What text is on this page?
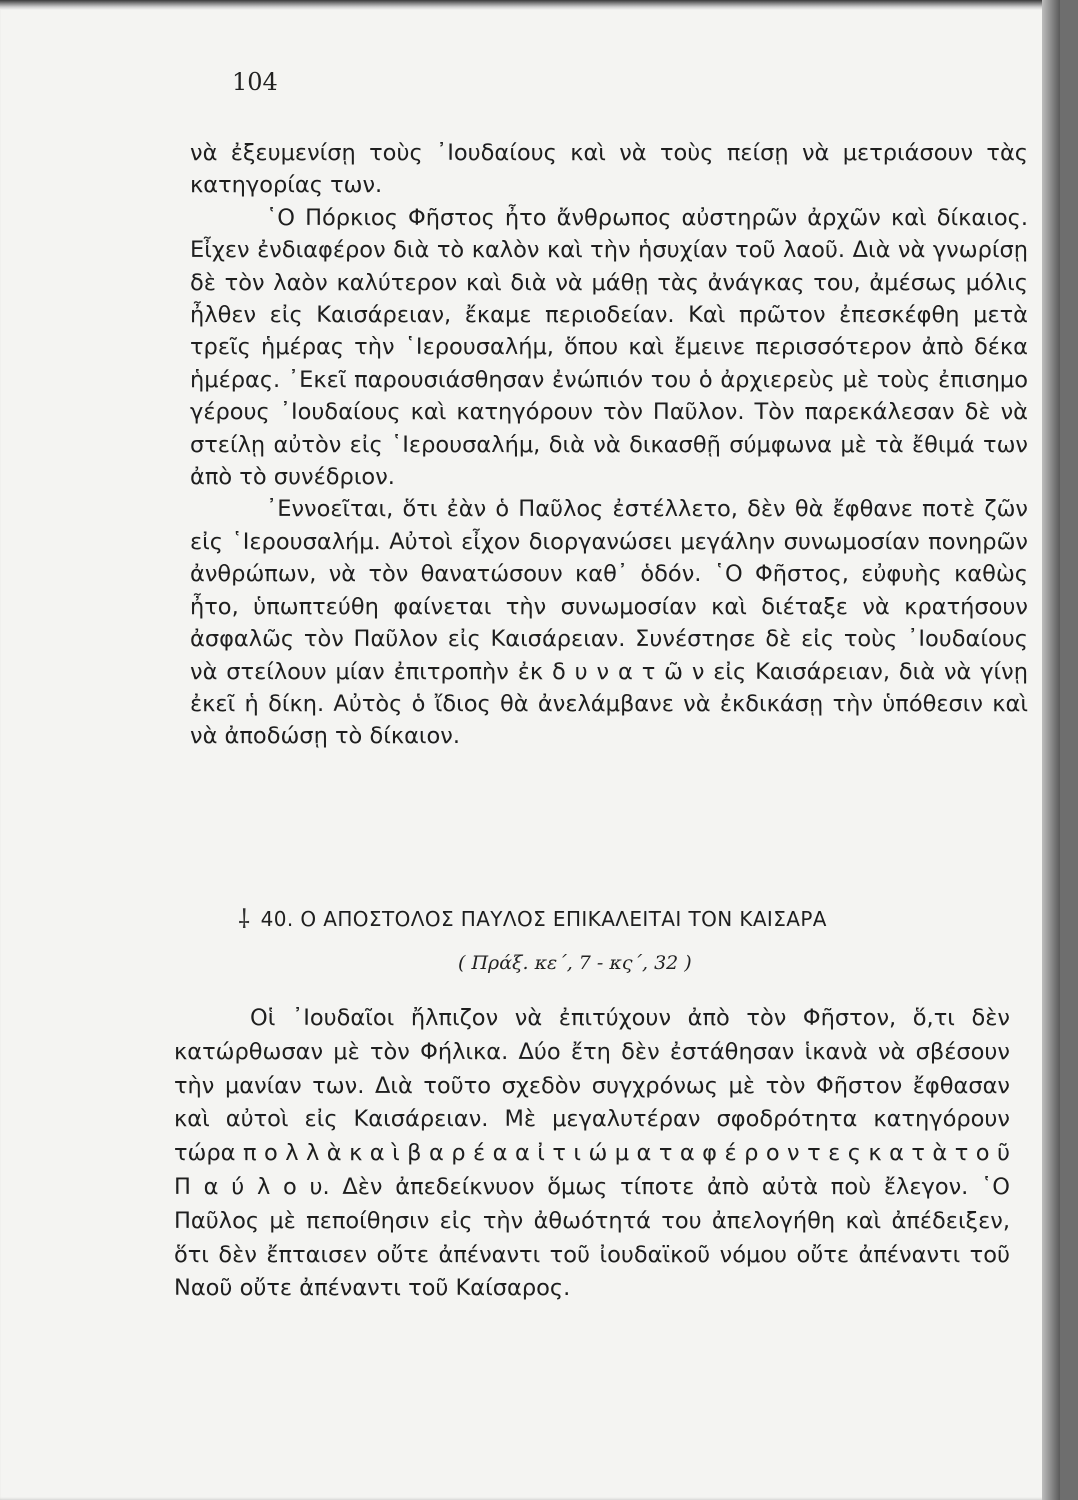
104

νὰ ἐξευμενίσῃ τοὺς ᾿Ιουδαίους καὶ νὰ τοὺς πείσῃ νὰ μετριάσουν τὰς κατηγορίας των.

῾Ο Πόρκιος Φῆστος ἦτο ἄνθρωπος αὐστηρῶν ἀρχῶν καὶ δίκαιος. Εἶχεν ἐνδιαφέρον διὰ τὸ καλὸν καὶ τὴν ἡσυχίαν τοῦ λαοῦ. Διὰ νὰ γνωρίσῃ δὲ τὸν λαὸν καλύτερον καὶ διὰ νὰ μάθῃ τὰς ἀνάγκας του, ἀμέσως μόλις ἦλθεν εἰς Καισάρειαν, ἔκαμε περιοδείαν. Καὶ πρῶτον ἐπεσκέφθη μετὰ τρεῖς ἡμέρας τὴν ῾Ιερουσαλήμ, ὅπου καὶ ἔμεινε περισσότερον ἀπὸ δέκα ἡμέρας. ᾿Εκεῖ παρουσιάσθησαν ἐνώπιόν του ὁ ἀρχιερεὺς μὲ τοὺς ἐπισημο γέρους ᾿Ιουδαίους καὶ κατηγόρουν τὸν Παῦλον. Τὸν παρεκάλεσαν δὲ νὰ στείλῃ αὐτὸν εἰς ῾Ιερουσαλήμ, διὰ νὰ δικασθῇ σύμφωνα μὲ τὰ ἔθιμά των ἀπὸ τὸ συνέδριον.

᾿Εννοεῖται, ὅτι ἐὰν ὁ Παῦλος ἐστέλλετο, δὲν θὰ ἔφθανε ποτὲ ζῶν εἰς ῾Ιερουσαλήμ. Αὐτοὶ εἶχον διοργανώσει μεγάλην συνωμοσίαν πονηρῶν ἀνθρώπων, νὰ τὸν θανατώσουν καθ᾿ ὁδόν. ῾Ο Φῆστος, εὐφυὴς καθὼς ἦτο, ὑπωπτεύθη φαίνεται τὴν συνωμοσίαν καὶ διέταξε νὰ κρατήσουν ἀσφαλῶς τὸν Παῦλον εἰς Καισάρειαν. Συνέστησε δὲ εἰς τοὺς ᾿Ιουδαίους νὰ στείλουν μίαν ἐπιτροπὴν ἐκ δ υ ν α τ ῶ ν εἰς Καισάρειαν, διὰ νὰ γίνῃ ἐκεῖ ἡ δίκη. Αὐτὸς ὁ ἴδιος θὰ ἀνελάμβανε νὰ ἐκδικάσῃ τὴν ὑπόθεσιν καὶ νὰ ἀποδώσῃ τὸ δίκαιον.

⸸ 40. Ο ΑΠΟΣΤΟΛΟΣ ΠΑΥΛΟΣ ΕΠΙΚΑΛΕΙΤΑΙ ΤΟΝ ΚΑΙΣΑΡΑ
( Πράξ. κε΄, 7 - κς΄, 32 )

Οἱ ᾿Ιουδαῖοι ἤλπιζον νὰ ἐπιτύχουν ἀπὸ τὸν Φῆστον, ὅ,τι δὲν κατώρθωσαν μὲ τὸν Φήλικα. Δύο ἔτη δὲν ἐστάθησαν ἱκανὰ νὰ σβέσουν τὴν μανίαν των. Διὰ τοῦτο σχεδὸν συγχρόνως μὲ τὸν Φῆστον ἔφθασαν καὶ αὐτοὶ εἰς Καισάρειαν. Μὲ μεγαλυτέραν σφοδρότητα κατηγόρουν τώρα π ο λ λ ὰ κ α ὶ β α ρ έ α α ἰ τ ι ώ μ α τ α φ έ ρ ο ν τ ε ς κ α τ ὰ τ ο ῦ Π α ύ λ ο υ. Δὲν ἀπεδείκνυον ὅμως τίποτε ἀπὸ αὐτὰ ποὺ ἔλεγον. ῾Ο Παῦλος μὲ πεποίθησιν εἰς τὴν ἀθωότητά του ἀπελογήθη καὶ ἀπέδειξεν, ὅτι δὲν ἔπταισεν οὔτε ἀπέναντι τοῦ ἰουδαϊκοῦ νόμου οὔτε ἀπέναντι τοῦ Ναοῦ οὔτε ἀπέναντι τοῦ Καίσαρος.
